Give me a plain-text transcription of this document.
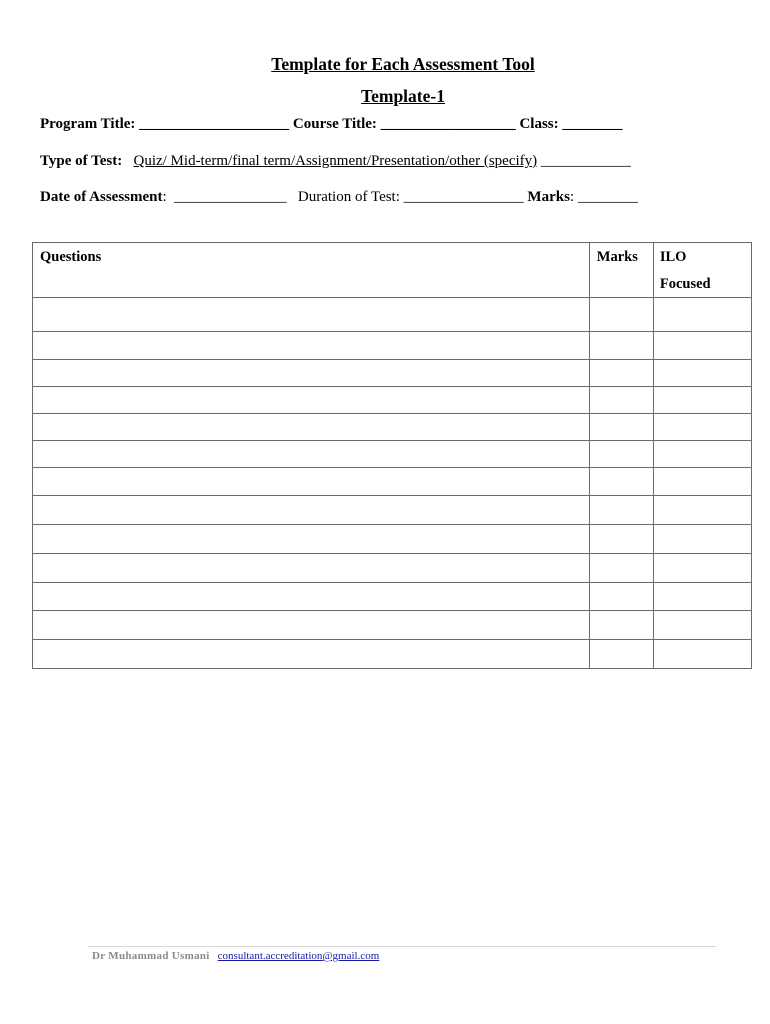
Template for Each Assessment Tool
Template-1
Program Title: ____________________ Course Title: __________________ Class: ________
Type of Test: Quiz/ Mid-term/final term/Assignment/Presentation/other (specify) ____________
Date of Assessment:  _______________ Duration of Test: ________________ Marks: ________
Questions	Marks	ILO
Focused

Dr Muhammad Usmani consultant.accreditation@gmail.com
